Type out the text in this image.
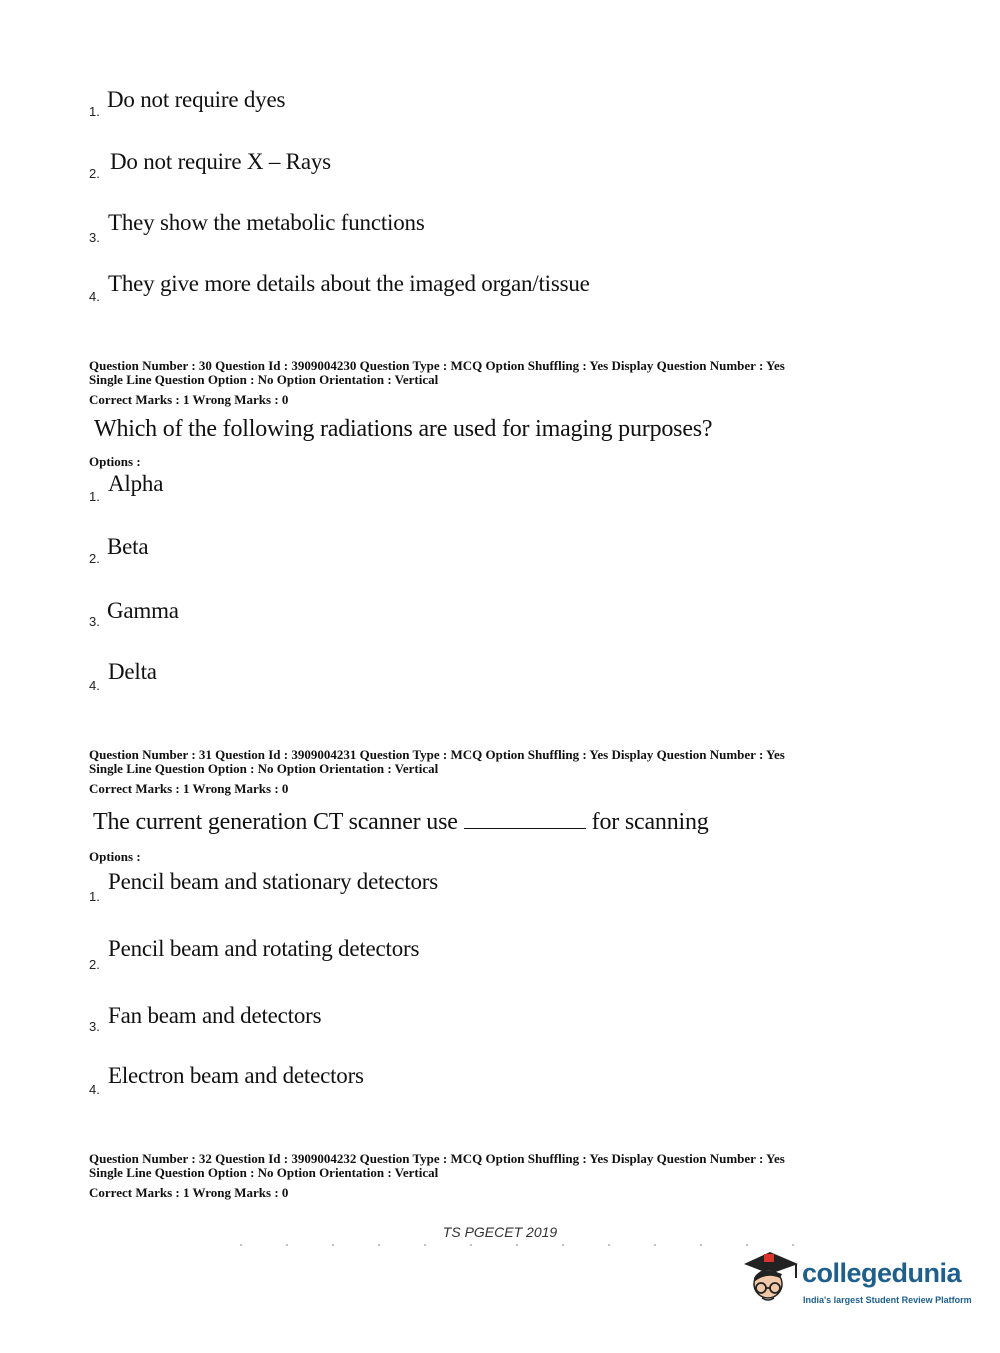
1. Do not require dyes
2. Do not require X – Rays
3.
They show the metabolic functions
4.
They give more details about the imaged organ/tissue
Question Number : 30 Question Id : 3909004230 Question Type : MCQ Option Shuffling : Yes Display Question Number : Yes
Single Line Question Option : No Option Orientation : Vertical
Correct Marks : 1 Wrong Marks : 0
Which of the following radiations are used for imaging purposes?
Options :
1.
Alpha
2. Beta
3. Gamma
4.
Delta
Question Number : 31 Question Id : 3909004231 Question Type : MCQ Option Shuffling : Yes Display Question Number : Yes
Single Line Question Option : No Option Orientation : Vertical
Correct Marks : 1 Wrong Marks : 0
The current generation CT scanner use	for scanning
Options :
1.
Pencil beam and stationary detectors
2.
Pencil beam and rotating detectors
3. Fan beam and detectors
4.
Electron beam and detectors
Question Number : 32 Question Id : 3909004232 Question Type : MCQ Option Shuffling : Yes Display Question Number : Yes
Single Line Question Option : No Option Orientation : Vertical
Correct Marks : 1 Wrong Marks : 0
TS PGECET 2019
collegedunia
India's largest Student Review Platform
